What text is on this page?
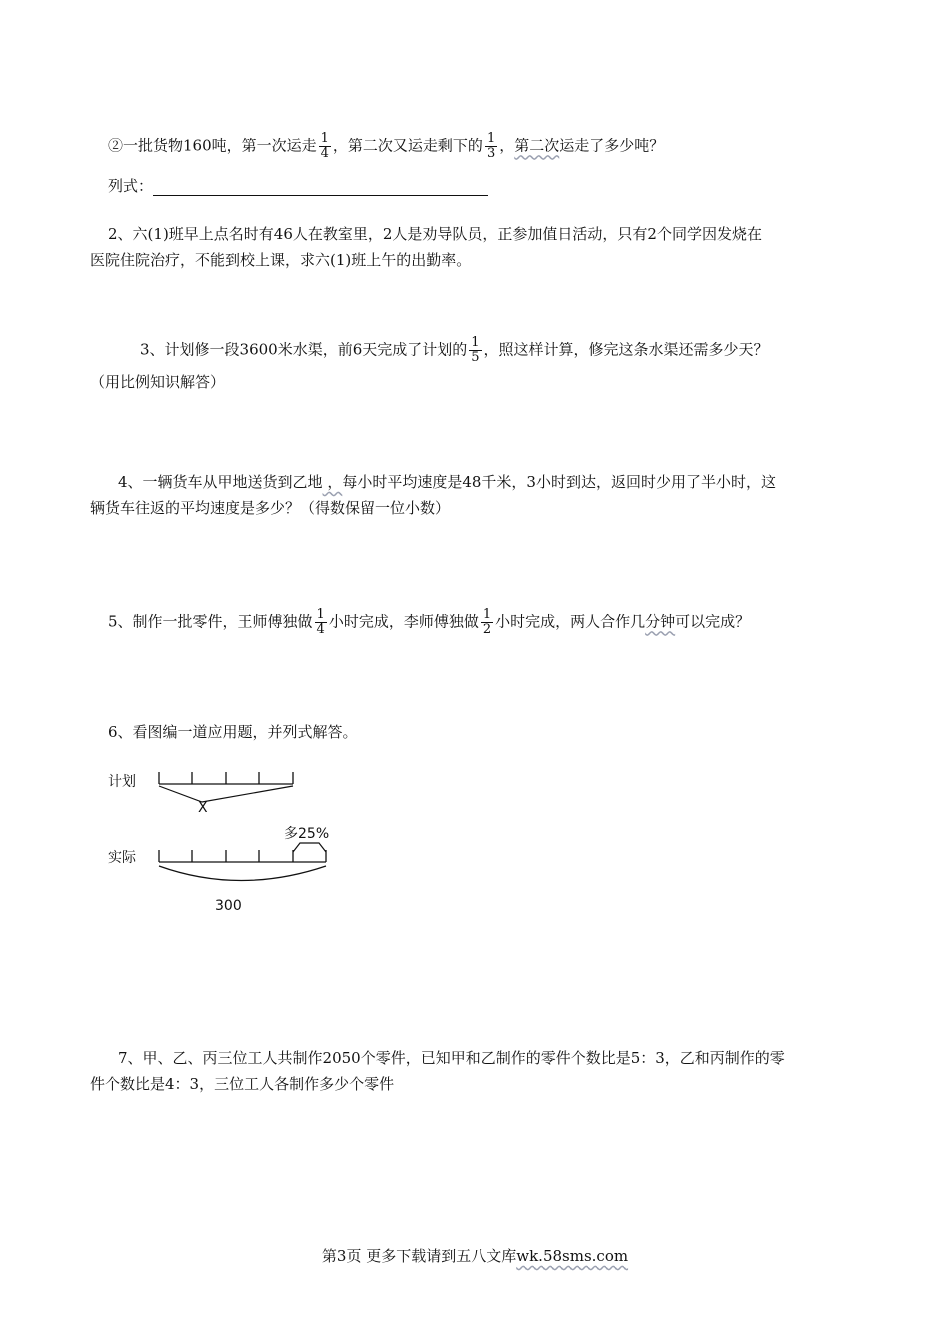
②一批货物160吨，第一次运走 $\frac{1}{4}$ ，第二次又运走剩下的 $\frac{1}{3}$ ，第二次运走了多少吨？
列式：
2、六(1)班早上点名时有46人在教室里，2人是劝导队员，正参加值日活动，只有2个同学因发烧在
医院住院治疗，不能到校上课，求六(1)班上午的出勤率。
3、计划修一段3600米水渠，前6天完成了计划的 $\frac{1}{5}$ ，照这样计算，修完这条水渠还需多少天？
（用比例知识解答）
4、一辆货车从甲地送货到乙地 ，每小时平均速度是48千米，3小时到达，返回时少用了半小时，这
辆货车往返的平均速度是多少？（得数保留一位小数）
5、制作一批零件，王师傅独做 $\frac{1}{4}$ 小时完成，李师傅独做 $\frac{1}{2}$ 小时完成，两人合作几分钟可以完成？
6、看图编一道应用题，并列式解答。
计划
X
多25%
实际
300
7、甲、乙、丙三位工人共制作2050个零件，已知甲和乙制作的零件个数比是5：3，乙和丙制作的零
件个数比是4：3，三位工人各制作多少个零件
第3页 更多下载请到五八文库wk.58sms.com
